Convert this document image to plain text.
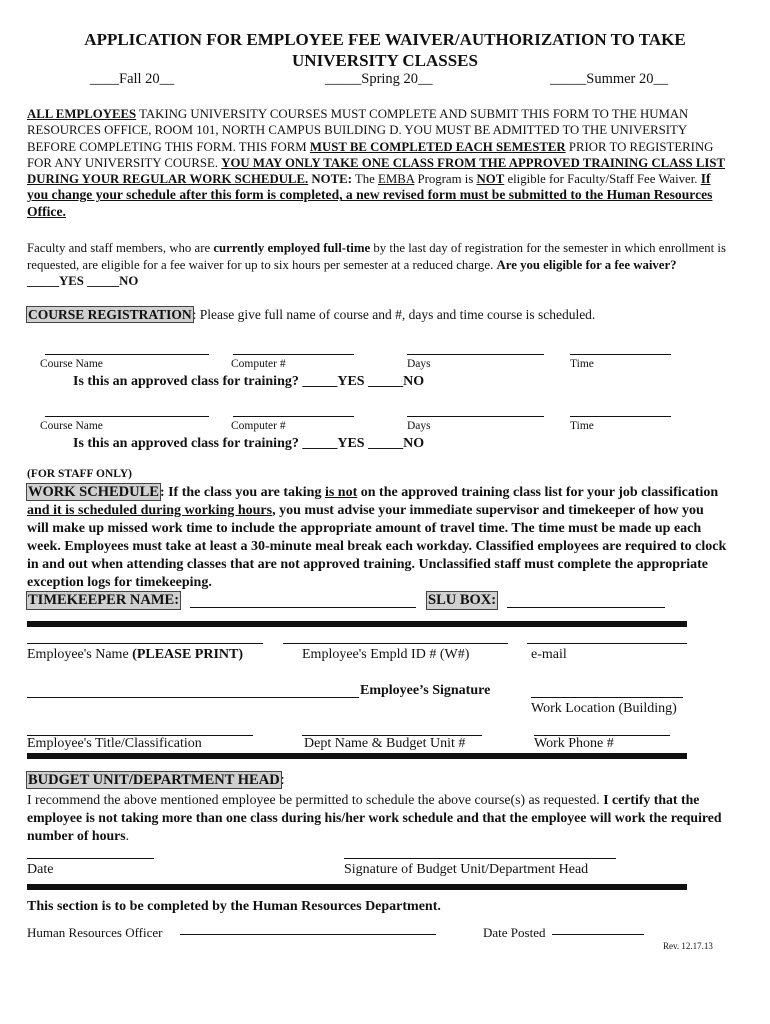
APPLICATION FOR EMPLOYEE FEE WAIVER/AUTHORIZATION TO TAKE
UNIVERSITY CLASSES
____Fall 20__	_____Spring 20__	_____Summer 20__
ALL EMPLOYEES TAKING UNIVERSITY COURSES MUST COMPLETE AND SUBMIT THIS FORM TO THE HUMAN RESOURCES OFFICE, ROOM 101, NORTH CAMPUS BUILDING D. YOU MUST BE ADMITTED TO THE UNIVERSITY BEFORE COMPLETING THIS FORM. THIS FORM MUST BE COMPLETED EACH SEMESTER PRIOR TO REGISTERING FOR ANY UNIVERSITY COURSE. YOU MAY ONLY TAKE ONE CLASS FROM THE APPROVED TRAINING CLASS LIST DURING YOUR REGULAR WORK SCHEDULE. NOTE: The EMBA Program is NOT eligible for Faculty/Staff Fee Waiver. If you change your schedule after this form is completed, a new revised form must be submitted to the Human Resources Office.
Faculty and staff members, who are currently employed full-time by the last day of registration for the semester in which enrollment is requested, are eligible for a fee waiver for up to six hours per semester at a reduced charge. Are you eligible for a fee waiver? _____YES _____NO
COURSE REGISTRATION: Please give full name of course and #, days and time course is scheduled.
Course Name	Computer #	Days	Time
Is this an approved class for training? _____YES _____NO
Course Name	Computer #	Days	Time
Is this an approved class for training? _____YES _____NO
(FOR STAFF ONLY)
WORK SCHEDULE: If the class you are taking is not on the approved training class list for your job classification and it is scheduled during working hours, you must advise your immediate supervisor and timekeeper of how you will make up missed work time to include the appropriate amount of travel time. The time must be made up each week. Employees must take at least a 30-minute meal break each workday. Classified employees are required to clock in and out when attending classes that are not approved training. Unclassified staff must complete the appropriate exception logs for timekeeping.
TIMEKEEPER NAME:	SLU BOX:
Employee's Name (PLEASE PRINT)	Employee's Empld ID # (W#)	e-mail
Employee’s Signature
Work Location (Building)
Employee's Title/Classification	Dept Name & Budget Unit #	Work Phone #
BUDGET UNIT/DEPARTMENT HEAD:
I recommend the above mentioned employee be permitted to schedule the above course(s) as requested. I certify that the employee is not taking more than one class during his/her work schedule and that the employee will work the required number of hours.
Date	Signature of Budget Unit/Department Head
This section is to be completed by the Human Resources Department.
Human Resources Officer	Date Posted
Rev. 12.17.13
